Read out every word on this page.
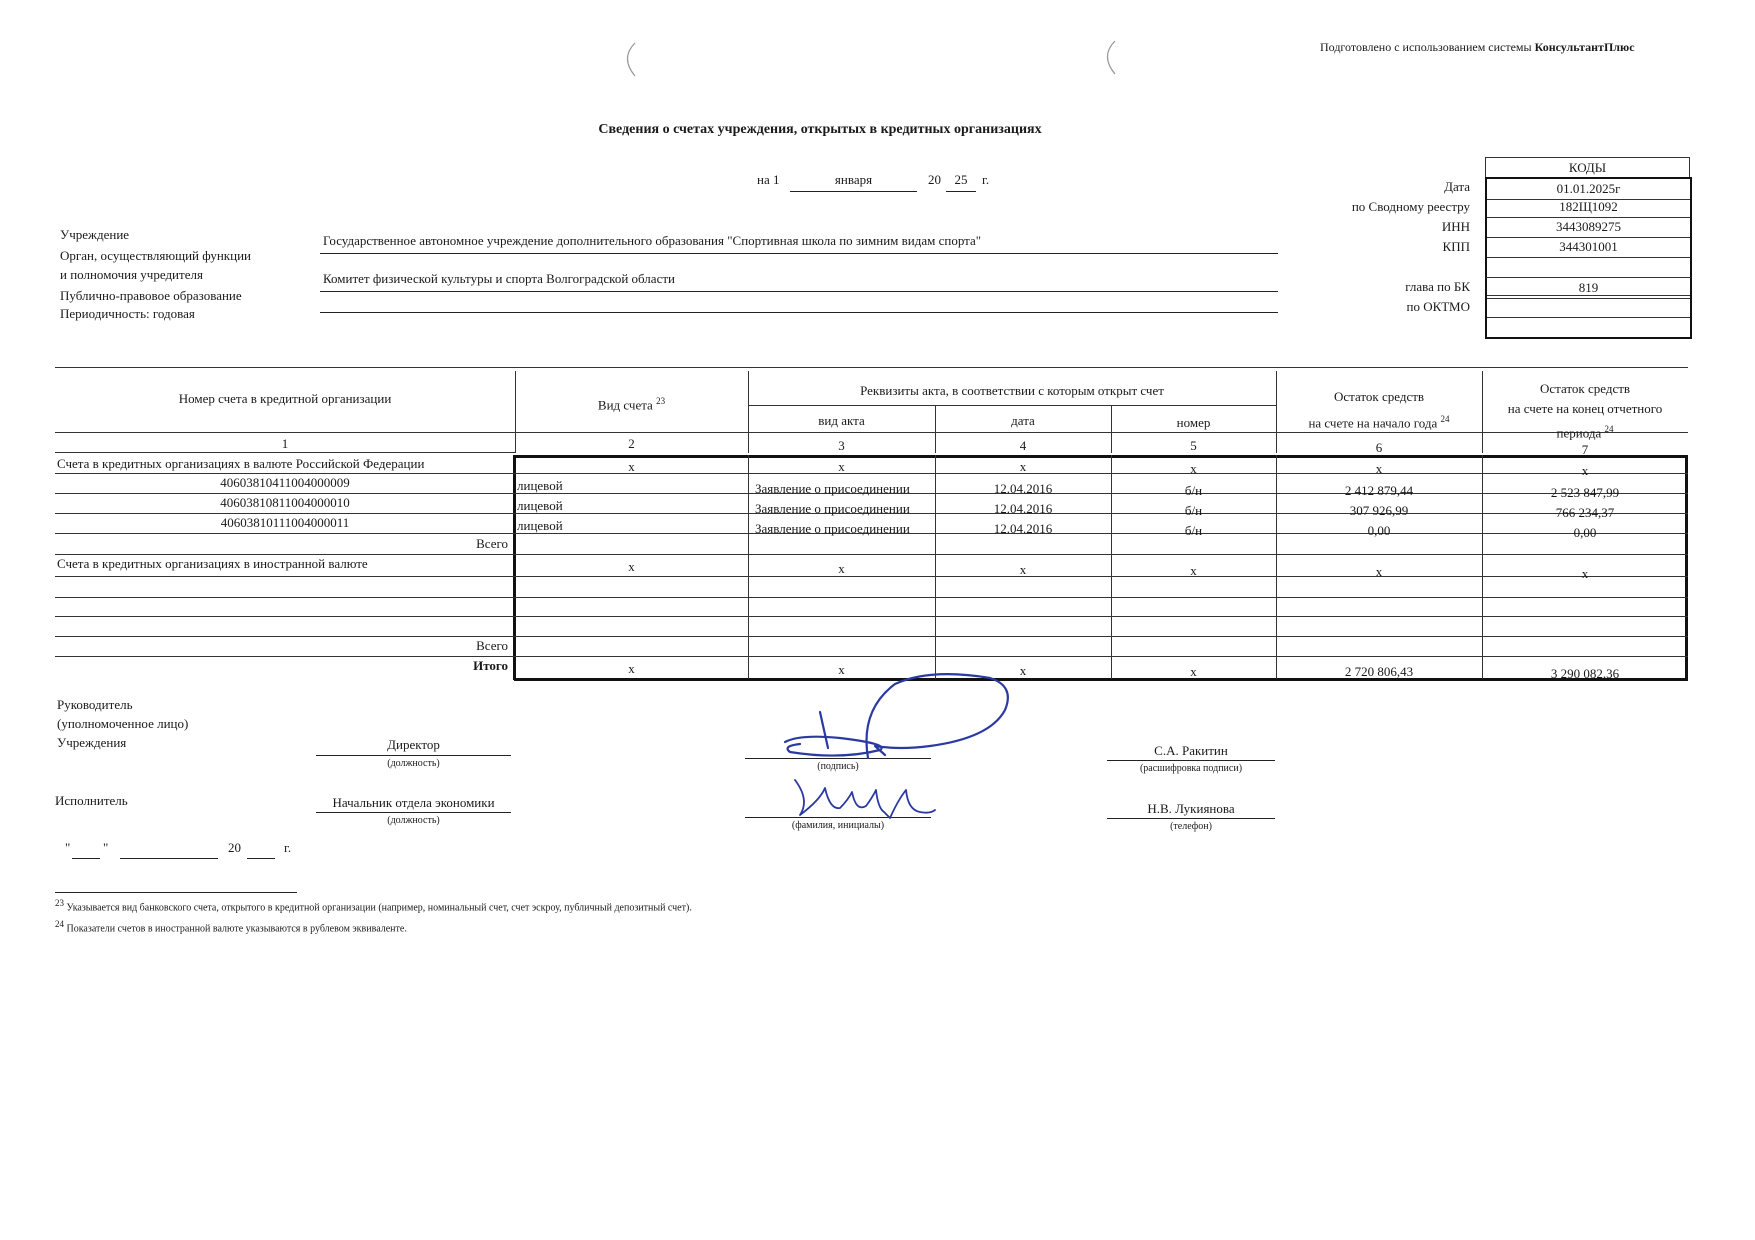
Подготовлено с использованием системы КонсультантПлюс
Сведения о счетах учреждения, открытых в кредитных организациях
на 1	января	20	25	г.
КОДЫ
Дата	01.01.2025г
по Сводному реестру	182Щ1092
ИНН	3443089275
КПП	344301001
глава по БК	819
по ОКТМО
Учреждение	Государственное автономное учреждение дополнительного образования "Спортивная школа по зимним видам спорта"
Орган, осуществляющий функции
и полномочия учредителя	Комитет физической культуры и спорта Волгоградской области
Публично-правовое образование
Периодичность: годовая
Номер счета в кредитной организации	Вид счета $^{23}$
Реквизиты акта, в соответствии с которым открыт счет
вид акта	дата	номер
Остаток средств
на счете на начало года $^{24}$
Остаток средств
на счете на конец отчетного
периода $^{24}$
1	2	3	4	5	6	7
Счета в кредитных организациях в валюте Российской Федерации	х	х	х	х	х	х
40603810411004000009	лицевой	Заявление о присоединении	12.04.2016	б/н	2 412 879,44	2 523 847,99
40603810811004000010	лицевой	Заявление о присоединении	12.04.2016	б/н	307 926,99	766 234,37
40603810111004000011	лицевой	Заявление о присоединении	12.04.2016	б/н	0,00	0,00
Всего
Счета в кредитных организациях в иностранной валюте	х	х	х	х	х	х
Всего
Итого	х	х	х	х	2 720 806,43	3 290 082,36
Руководитель
(уполномоченное лицо)
Учреждения	Директор
(должность)	(подпись)
С.А. Ракитин
(расшифровка подписи)
Исполнитель	Начальник отдела экономики
(должность)	(фамилия, инициалы)
Н.В. Лукиянова
(телефон)
"	"	20	г.
$^{23}$ Указывается вид банковского счета, открытого в кредитной организации (например, номинальный счет, счет эскроу, публичный депозитный счет).
$^{24}$ Показатели счетов в иностранной валюте указываются в рублевом эквиваленте.
